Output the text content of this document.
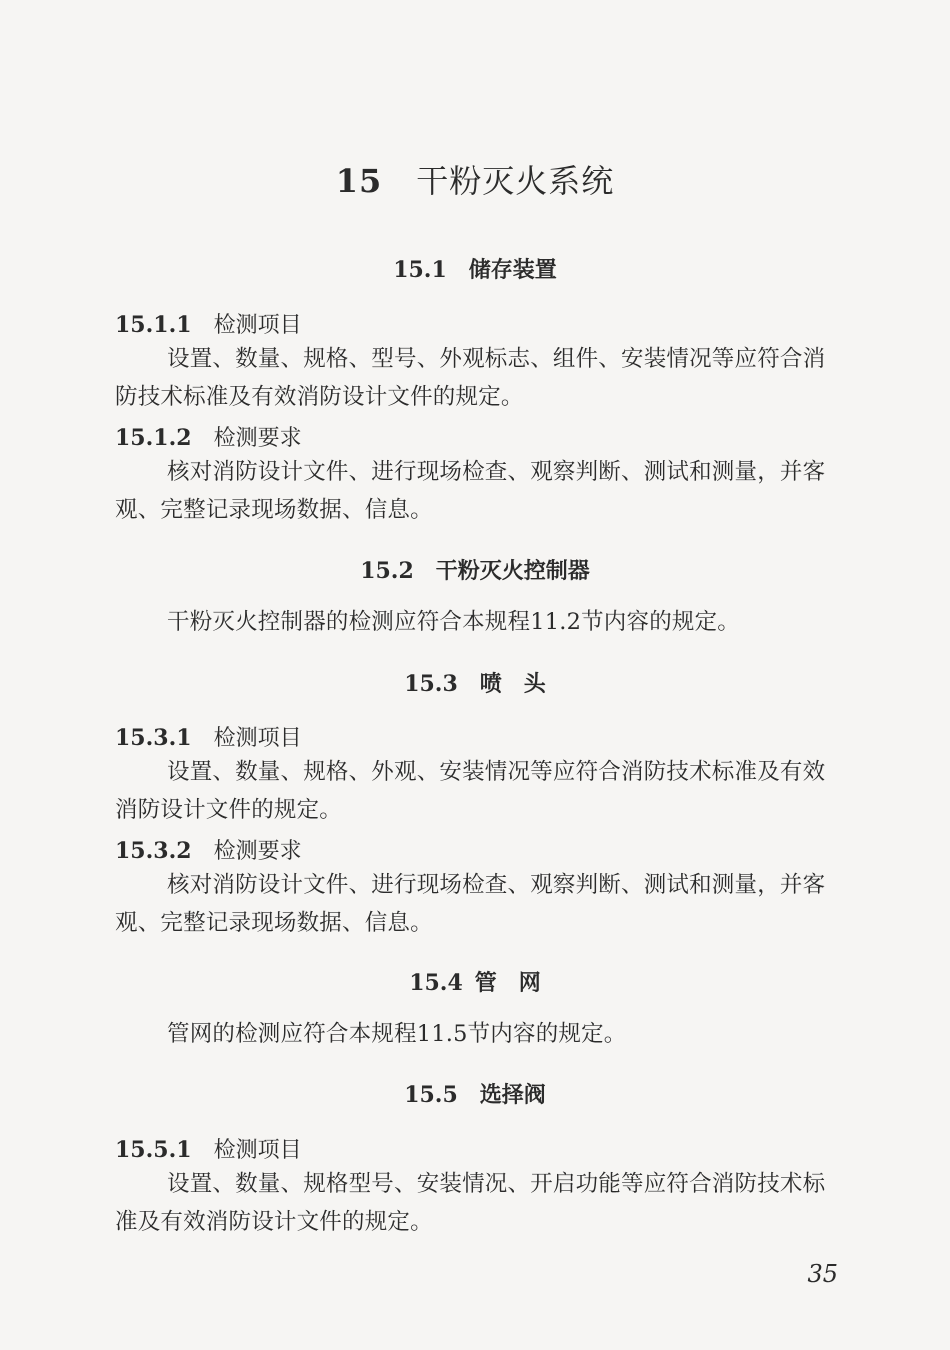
15 干粉灭火系统
15.1 储存装置
15.1.1 检测项目
设置、数量、规格、型号、外观标志、组件、安装情况等应符合消防技术标准及有效消防设计文件的规定。
15.1.2 检测要求
核对消防设计文件、进行现场检查、观察判断、测试和测量，并客观、完整记录现场数据、信息。
15.2 干粉灭火控制器
干粉灭火控制器的检测应符合本规程11.2节内容的规定。
15.3 喷　头
15.3.1 检测项目
设置、数量、规格、外观、安装情况等应符合消防技术标准及有效消防设计文件的规定。
15.3.2 检测要求
核对消防设计文件、进行现场检查、观察判断、测试和测量，并客观、完整记录现场数据、信息。
15.4 管　网
管网的检测应符合本规程11.5节内容的规定。
15.5 选择阀
15.5.1 检测项目
设置、数量、规格型号、安装情况、开启功能等应符合消防技术标准及有效消防设计文件的规定。
35
